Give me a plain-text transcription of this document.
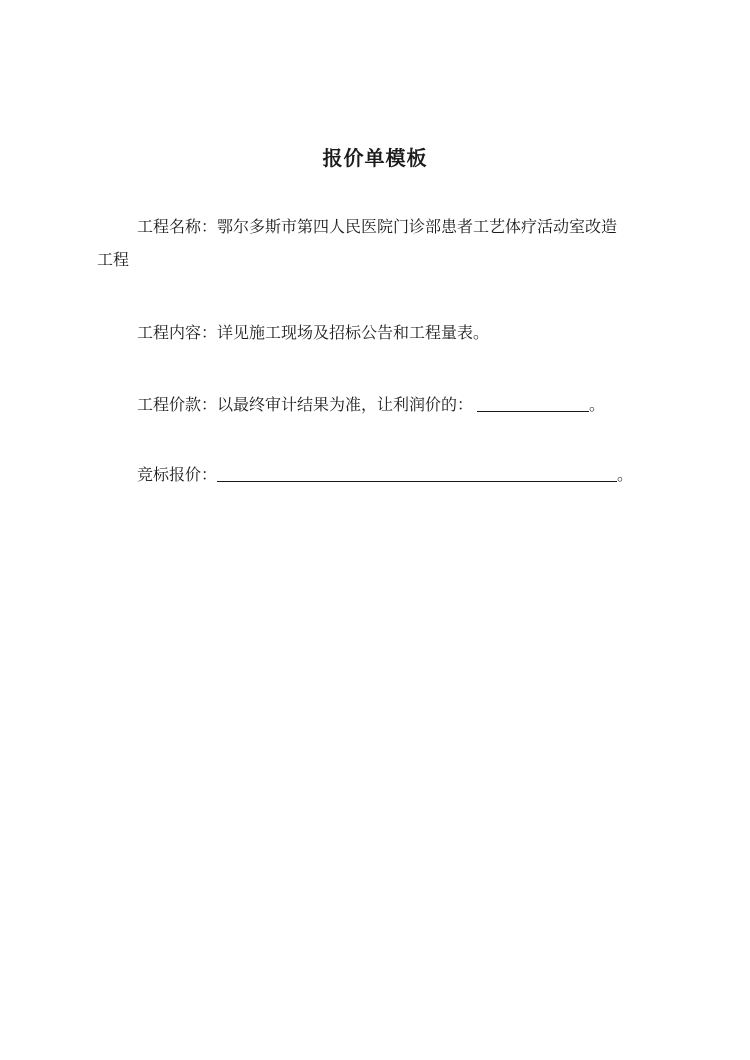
报价单模板
工程名称：鄂尔多斯市第四人民医院门诊部患者工艺体疗活动室改造
工程
工程内容：详见施工现场及招标公告和工程量表。
工程价款：以最终审计结果为准，让利润价的：	。
竞标报价：	。
